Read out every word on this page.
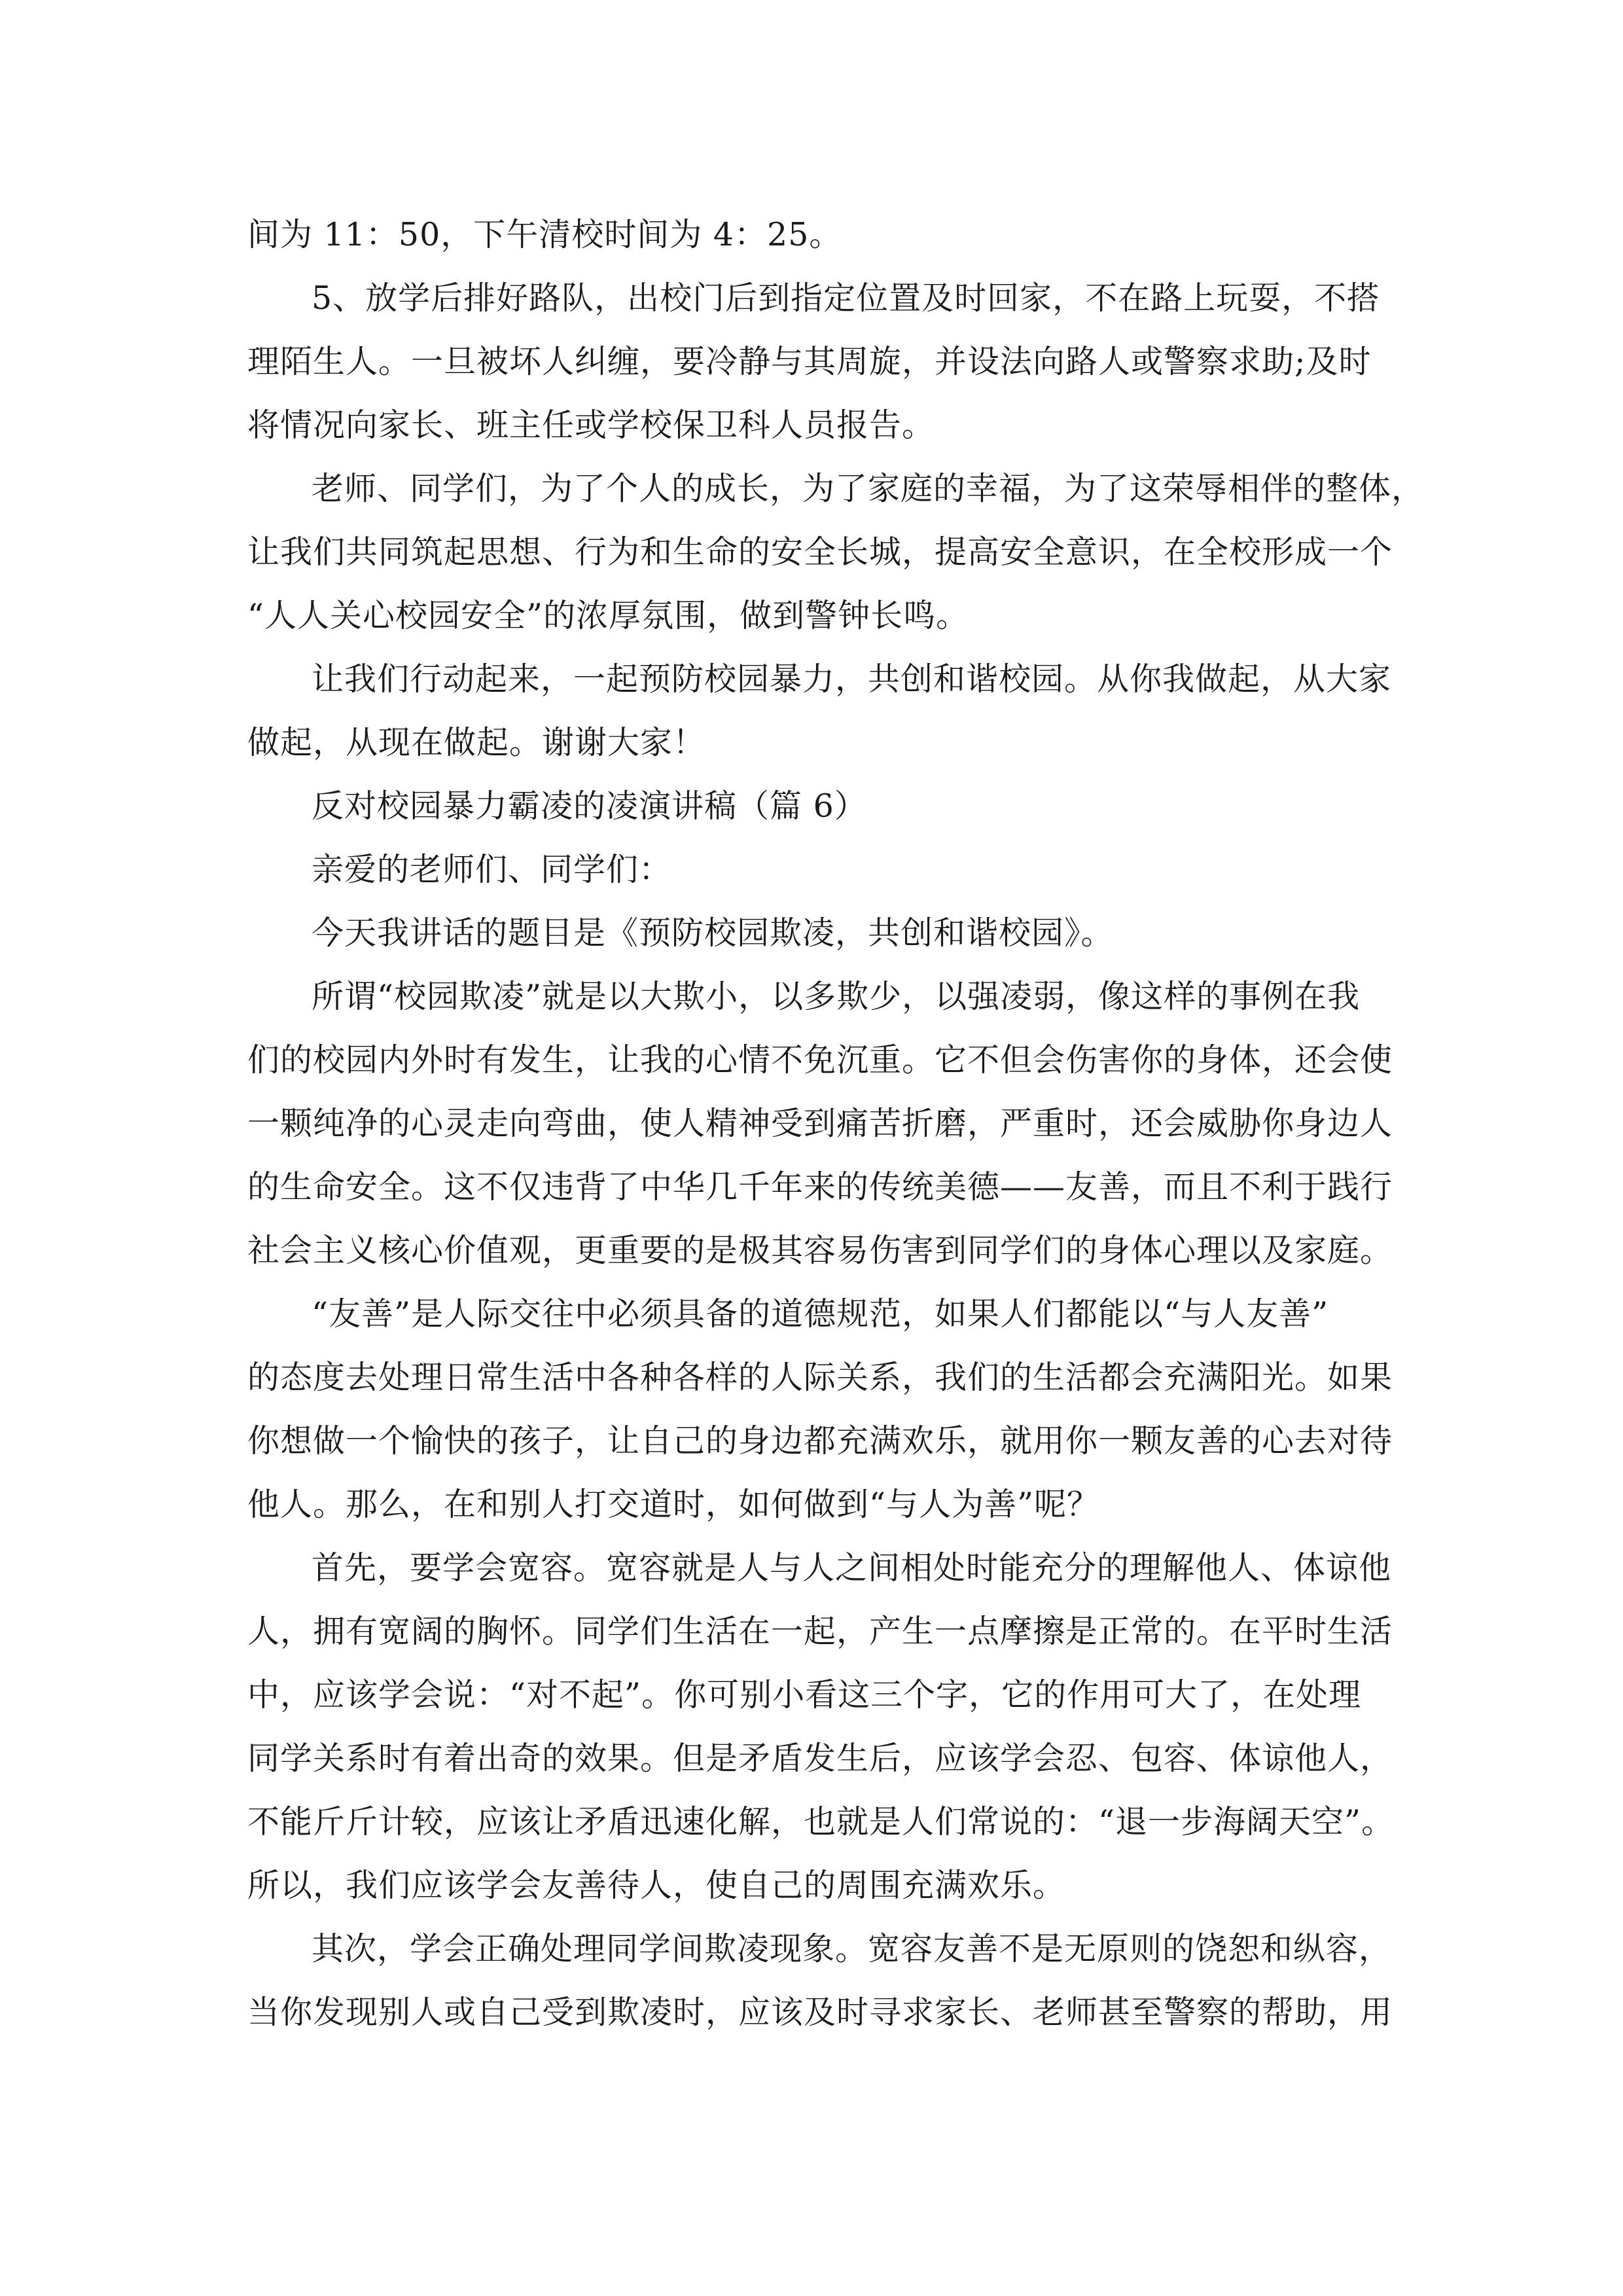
间为 11：50，下午清校时间为 4：25。
5、放学后排好路队，出校门后到指定位置及时回家，不在路上玩耍，不搭
理陌生人。一旦被坏人纠缠，要冷静与其周旋，并设法向路人或警察求助;及时
将情况向家长、班主任或学校保卫科人员报告。
老师、同学们，为了个人的成长，为了家庭的幸福，为了这荣辱相伴的整体，
让我们共同筑起思想、行为和生命的安全长城，提高安全意识，在全校形成一个
“人人关心校园安全”的浓厚氛围，做到警钟长鸣。
让我们行动起来，一起预防校园暴力，共创和谐校园。从你我做起，从大家
做起，从现在做起。谢谢大家！
反对校园暴力霸凌的凌演讲稿（篇 6）
亲爱的老师们、同学们：
今天我讲话的题目是《预防校园欺凌，共创和谐校园》。
所谓“校园欺凌”就是以大欺小，以多欺少，以强凌弱，像这样的事例在我
们的校园内外时有发生，让我的心情不免沉重。它不但会伤害你的身体，还会使
一颗纯净的心灵走向弯曲，使人精神受到痛苦折磨，严重时，还会威胁你身边人
的生命安全。这不仅违背了中华几千年来的传统美德——友善，而且不利于践行
社会主义核心价值观，更重要的是极其容易伤害到同学们的身体心理以及家庭。
“友善”是人际交往中必须具备的道德规范，如果人们都能以“与人友善”
的态度去处理日常生活中各种各样的人际关系，我们的生活都会充满阳光。如果
你想做一个愉快的孩子，让自己的身边都充满欢乐，就用你一颗友善的心去对待
他人。那么，在和别人打交道时，如何做到“与人为善”呢？
首先，要学会宽容。宽容就是人与人之间相处时能充分的理解他人、体谅他
人，拥有宽阔的胸怀。同学们生活在一起，产生一点摩擦是正常的。在平时生活
中，应该学会说：“对不起”。你可别小看这三个字，它的作用可大了，在处理
同学关系时有着出奇的效果。但是矛盾发生后，应该学会忍、包容、体谅他人，
不能斤斤计较，应该让矛盾迅速化解，也就是人们常说的：“退一步海阔天空”。
所以，我们应该学会友善待人，使自己的周围充满欢乐。
其次，学会正确处理同学间欺凌现象。宽容友善不是无原则的饶恕和纵容，
当你发现别人或自己受到欺凌时，应该及时寻求家长、老师甚至警察的帮助，用
